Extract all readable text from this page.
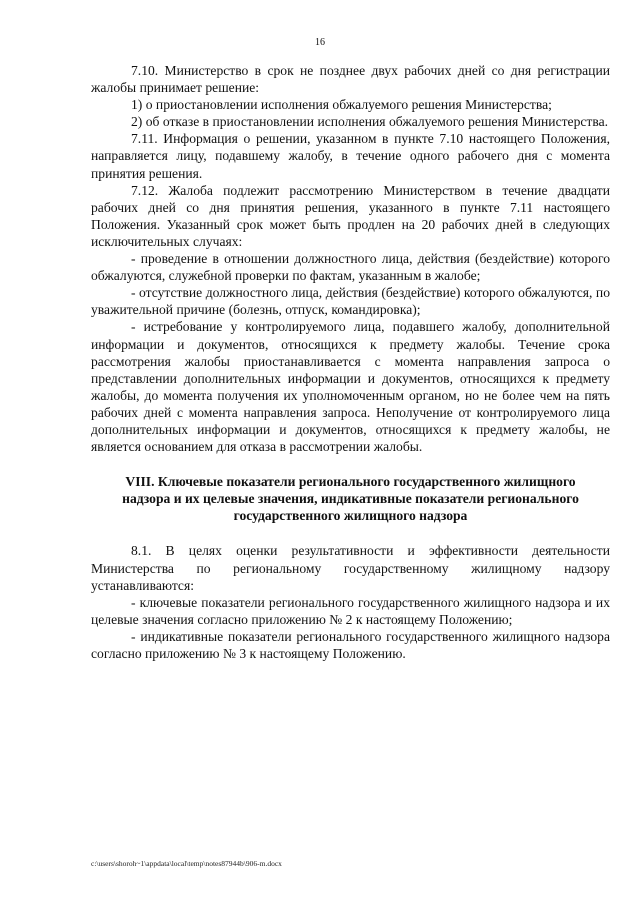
16

7.10. Министерство в срок не позднее двух рабочих дней со дня регистрации жалобы принимает решение:

1) о приостановлении исполнения обжалуемого решения Министерства;

2) об отказе в приостановлении исполнения обжалуемого решения Министерства.

7.11. Информация о решении, указанном в пункте 7.10 настоящего Положения, направляется лицу, подавшему жалобу, в течение одного рабочего дня с момента принятия решения.

7.12. Жалоба подлежит рассмотрению Министерством в течение двадцати рабочих дней со дня принятия решения, указанного в пункте 7.11 настоящего Положения. Указанный срок может быть продлен на 20 рабочих дней в следующих исключительных случаях:

- проведение в отношении должностного лица, действия (бездействие) которого обжалуются, служебной проверки по фактам, указанным в жалобе;

- отсутствие должностного лица, действия (бездействие) которого обжалуются, по уважительной причине (болезнь, отпуск, командировка);

- истребование у контролируемого лица, подавшего жалобу, дополнительной информации и документов, относящихся к предмету жалобы. Течение срока рассмотрения жалобы приостанавливается с момента направления запроса о представлении дополнительных информации и документов, относящихся к предмету жалобы, до момента получения их уполномоченным органом, но не более чем на пять рабочих дней с момента направления запроса. Неполучение от контролируемого лица дополнительных информации и документов, относящихся к предмету жалобы, не является основанием для отказа в рассмотрении жалобы.

VIII. Ключевые показатели регионального государственного жилищного надзора и их целевые значения, индикативные показатели регионального государственного жилищного надзора

8.1. В целях оценки результативности и эффективности деятельности Министерства по региональному государственному жилищному надзору устанавливаются:

- ключевые показатели регионального государственного жилищного надзора и их целевые значения согласно приложению № 2 к настоящему Положению;

- индикативные показатели регионального государственного жилищного надзора согласно приложению № 3 к настоящему Положению.

c:\users\shoroh~1\appdata\local\temp\notes87944b\906-m.docx
